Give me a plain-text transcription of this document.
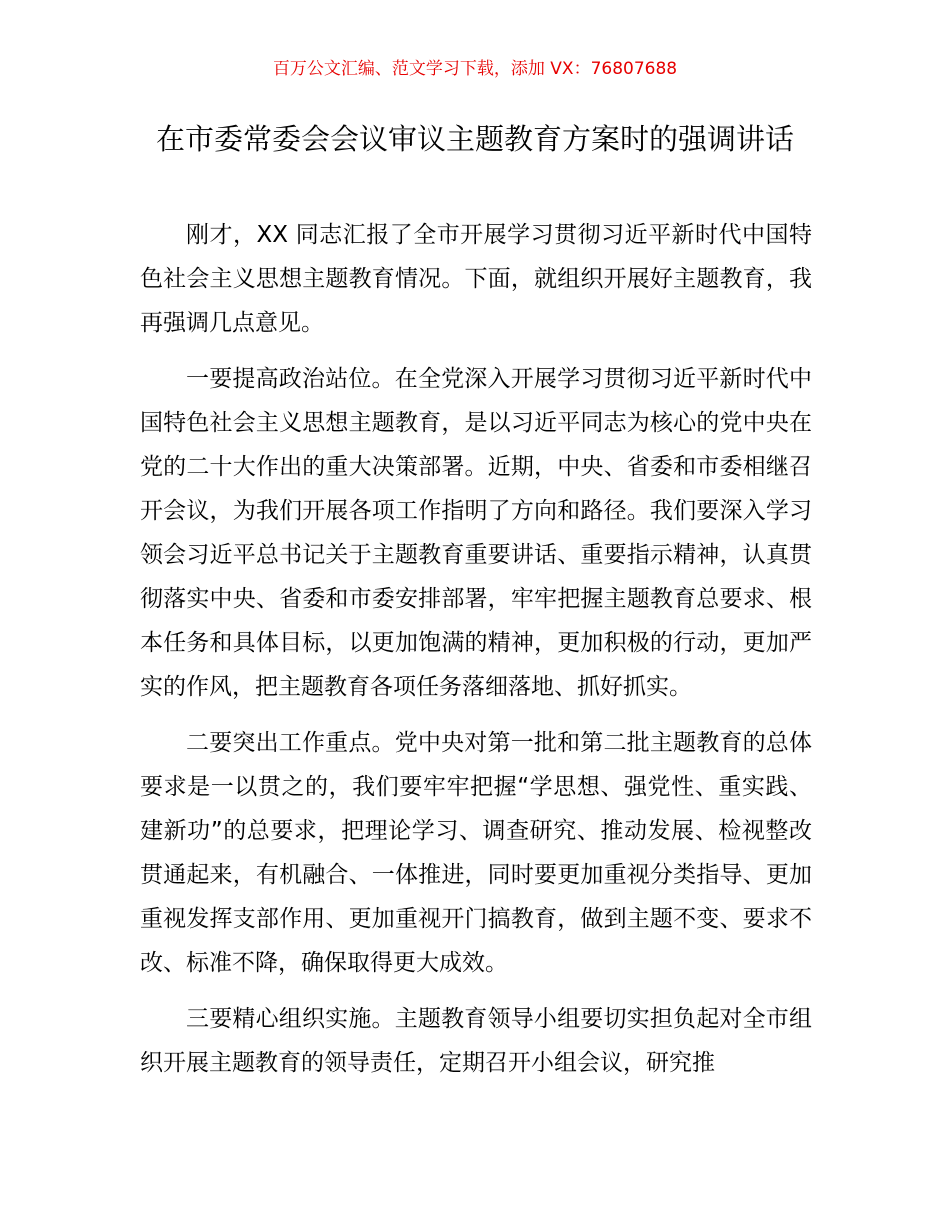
百万公文汇编、范文学习下载，添加 VX：76807688
在市委常委会会议审议主题教育方案时的强调讲话

刚才，XX 同志汇报了全市开展学习贯彻习近平新时代中国特色社会主义思想主题教育情况。下面，就组织开展好主题教育，我再强调几点意见。

一要提高政治站位。在全党深入开展学习贯彻习近平新时代中国特色社会主义思想主题教育，是以习近平同志为核心的党中央在党的二十大作出的重大决策部署。近期，中央、省委和市委相继召开会议，为我们开展各项工作指明了方向和路径。我们要深入学习领会习近平总书记关于主题教育重要讲话、重要指示精神，认真贯彻落实中央、省委和市委安排部署，牢牢把握主题教育总要求、根本任务和具体目标，以更加饱满的精神，更加积极的行动，更加严实的作风，把主题教育各项任务落细落地、抓好抓实。

二要突出工作重点。党中央对第一批和第二批主题教育的总体要求是一以贯之的，我们要牢牢把握“学思想、强党性、重实践、建新功”的总要求，把理论学习、调查研究、推动发展、检视整改贯通起来，有机融合、一体推进，同时要更加重视分类指导、更加重视发挥支部作用、更加重视开门搞教育，做到主题不变、要求不改、标准不降，确保取得更大成效。

三要精心组织实施。主题教育领导小组要切实担负起对全市组织开展主题教育的领导责任，定期召开小组会议，研究推
